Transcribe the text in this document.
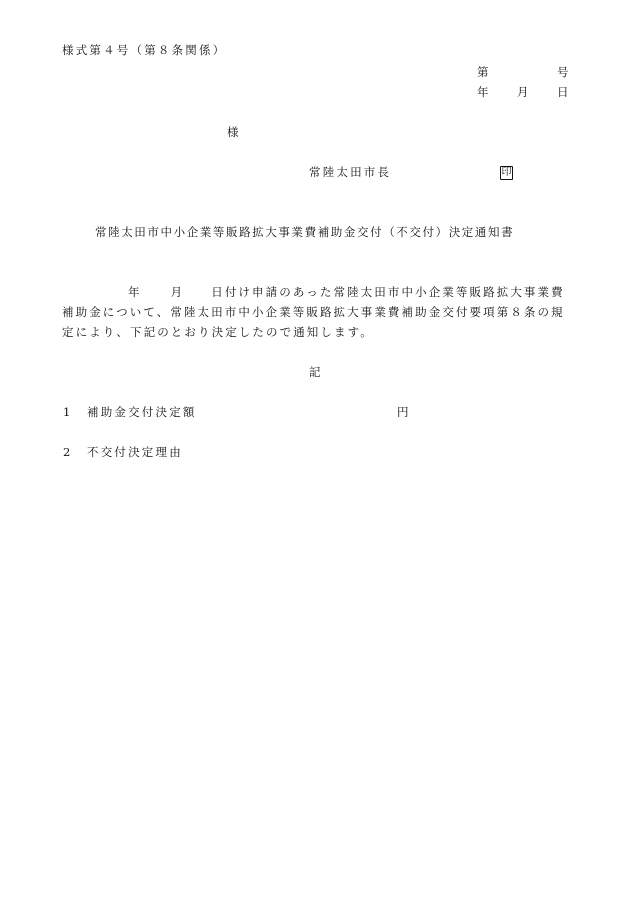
様式第４号（第８条関係）
第	号
年 月 日
様
常陸太田市長	印
常陸太田市中小企業等販路拡大事業費補助金交付（不交付）決定通知書
年	月 日付け申請のあった常陸太田市中小企業等販路拡大事業費
補助金について、常陸太田市中小企業等販路拡大事業費補助金交付要項第８条の規
定により、下記のとおり決定したので通知します。
記
1 補助金交付決定額	円
2 不交付決定理由
